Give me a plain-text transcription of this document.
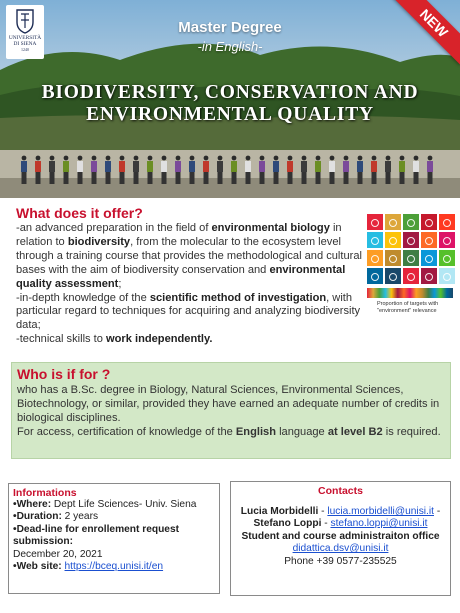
UNIVERSITÀ DI SIENA
1240
Master Degree
-in English-
BIODIVERSITY, CONSERVATION AND
ENVIRONMENTAL QUALITY
NEW
What does it offer?
-an advanced preparation in the field of environmental biology in relation to biodiversity, from the molecular to the ecosystem level through a training course that provides the methodological and cultural bases with the aim of biodiversity conservation and environmental quality assessment;
-in-depth knowledge of the scientific method of investigation, with particular regard to techniques for acquiring and analyzing biodiversity data;
-technical skills to work independently.
Proportion of targets with
"environment" relevance
Who is if for ?
who has a B.Sc. degree in Biology, Natural Sciences, Environmental Sciences, Biotechnology, or similar, provided they have earned an adequate number of credits in biological disciplines.
For access, certification of knowledge of the English language at level B2 is required.
Informations
•Where: Dept Life Sciences- Univ. Siena
•Duration: 2 years
•Dead-line for enrollement request submission:
December 20, 2021
•Web site: https://bceq.unisi.it/en
Contacts
Lucia Morbidelli - lucia.morbidelli@unisi.it -
Stefano Loppi - stefano.loppi@unisi.it
Student and course administraiton office
didattica.dsv@unisi.it
Phone +39 0577-235525
